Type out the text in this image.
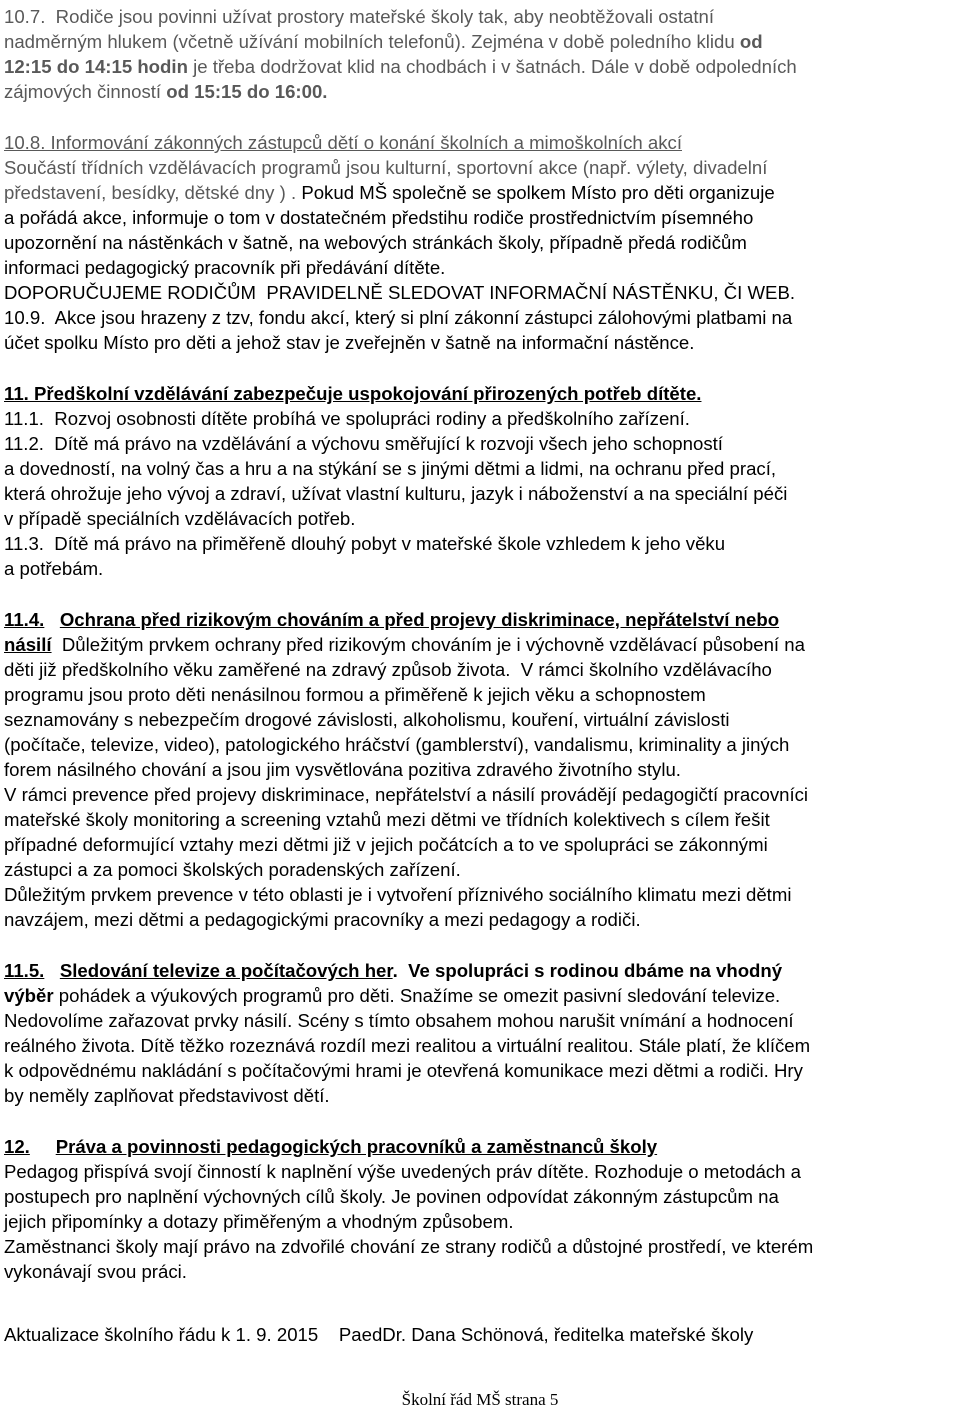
10.7.  Rodiče jsou povinni užívat prostory mateřské školy tak, aby neobtěžovali ostatní
nadměrným hlukem (včetně užívání mobilních telefonů). Zejména v době poledního klidu od
12:15 do 14:15 hodin je třeba dodržovat klid na chodbách i v šatnách. Dále v době odpoledních
zájmových činností od 15:15 do 16:00.
10.8. Informování zákonných zástupců dětí o konání školních a mimoškolních akcí
Součástí třídních vzdělávacích programů jsou kulturní, sportovní akce (např. výlety, divadelní
představení, besídky, dětské dny ) . Pokud MŠ společně se spolkem Místo pro děti organizuje
a pořádá akce, informuje o tom v dostatečném předstihu rodiče prostřednictvím písemného
upozornění na nástěnkách v šatně, na webových stránkách školy, případně předá rodičům
informaci pedagogický pracovník při předávání dítěte.
DOPORUČUJEME RODIČŮM  PRAVIDELNĚ SLEDOVAT INFORMAČNÍ NÁSTĚNKU, ČI WEB.
10.9.  Akce jsou hrazeny z tzv, fondu akcí, který si plní zákonní zástupci zálohovými platbami na
účet spolku Místo pro děti a jehož stav je zveřejněn v šatně na informační nástěnce.
11. Předškolní vzdělávání zabezpečuje uspokojování přirozených potřeb dítěte.
11.1.  Rozvoj osobnosti dítěte probíhá ve spolupráci rodiny a předškolního zařízení.
11.2.  Dítě má právo na vzdělávání a výchovu směřující k rozvoji všech jeho schopností
a dovedností, na volný čas a hru a na stýkání se s jinými dětmi a lidmi, na ochranu před prací,
která ohrožuje jeho vývoj a zdraví, užívat vlastní kulturu, jazyk i náboženství a na speciální péči
v případě speciálních vzdělávacích potřeb.
11.3.  Dítě má právo na přiměřeně dlouhý pobyt v mateřské škole vzhledem k jeho věku
a potřebám.
11.4. Ochrana před rizikovým chováním a před projevy diskriminace, nepřátelství nebo
násilí  Důležitým prvkem ochrany před rizikovým chováním je i výchovně vzdělávací působení na
děti již předškolního věku zaměřené na zdravý způsob života.  V rámci školního vzdělávacího
programu jsou proto děti nenásilnou formou a přiměřeně k jejich věku a schopnostem
seznamovány s nebezpečím drogové závislosti, alkoholismu, kouření, virtuální závislosti
(počítače, televize, video), patologického hráčství (gamblerství), vandalismu, kriminality a jiných
forem násilného chování a jsou jim vysvětlována pozitiva zdravého životního stylu.
V rámci prevence před projevy diskriminace, nepřátelství a násilí provádějí pedagogičtí pracovníci
mateřské školy monitoring a screening vztahů mezi dětmi ve třídních kolektivech s cílem řešit
případné deformující vztahy mezi dětmi již v jejich počátcích a to ve spolupráci se zákonnými
zástupci a za pomoci školských poradenských zařízení.
Důležitým prvkem prevence v této oblasti je i vytvoření příznivého sociálního klimatu mezi dětmi
navzájem, mezi dětmi a pedagogickými pracovníky a mezi pedagogy a rodiči.
11.5. Sledování televize a počítačových her.  Ve spolupráci s rodinou dbáme na vhodný
výběr pohádek a výukových programů pro děti. Snažíme se omezit pasivní sledování televize.
Nedovolíme zařazovat prvky násilí. Scény s tímto obsahem mohou narušit vnímání a hodnocení
reálného života. Dítě těžko rozeznává rozdíl mezi realitou a virtuální realitou. Stále platí, že klíčem
k odpovědnému nakládání s počítačovými hrami je otevřená komunikace mezi dětmi a rodiči. Hry
by neměly zaplňovat představivost dětí.
12. Práva a povinnosti pedagogických pracovníků a zaměstnanců školy
Pedagog přispívá svojí činností k naplnění výše uvedených práv dítěte. Rozhoduje o metodách a
postupech pro naplnění výchovných cílů školy. Je povinen odpovídat zákonným zástupcům na
jejich připomínky a dotazy přiměřeným a vhodným způsobem.
Zaměstnanci školy mají právo na zdvořilé chování ze strany rodičů a důstojné prostředí, ve kterém
vykonávají svou práci.
Aktualizace školního řádu k 1. 9. 2015    PaedDr. Dana Schönová, ředitelka mateřské školy
Školní řád MŠ strana 5
